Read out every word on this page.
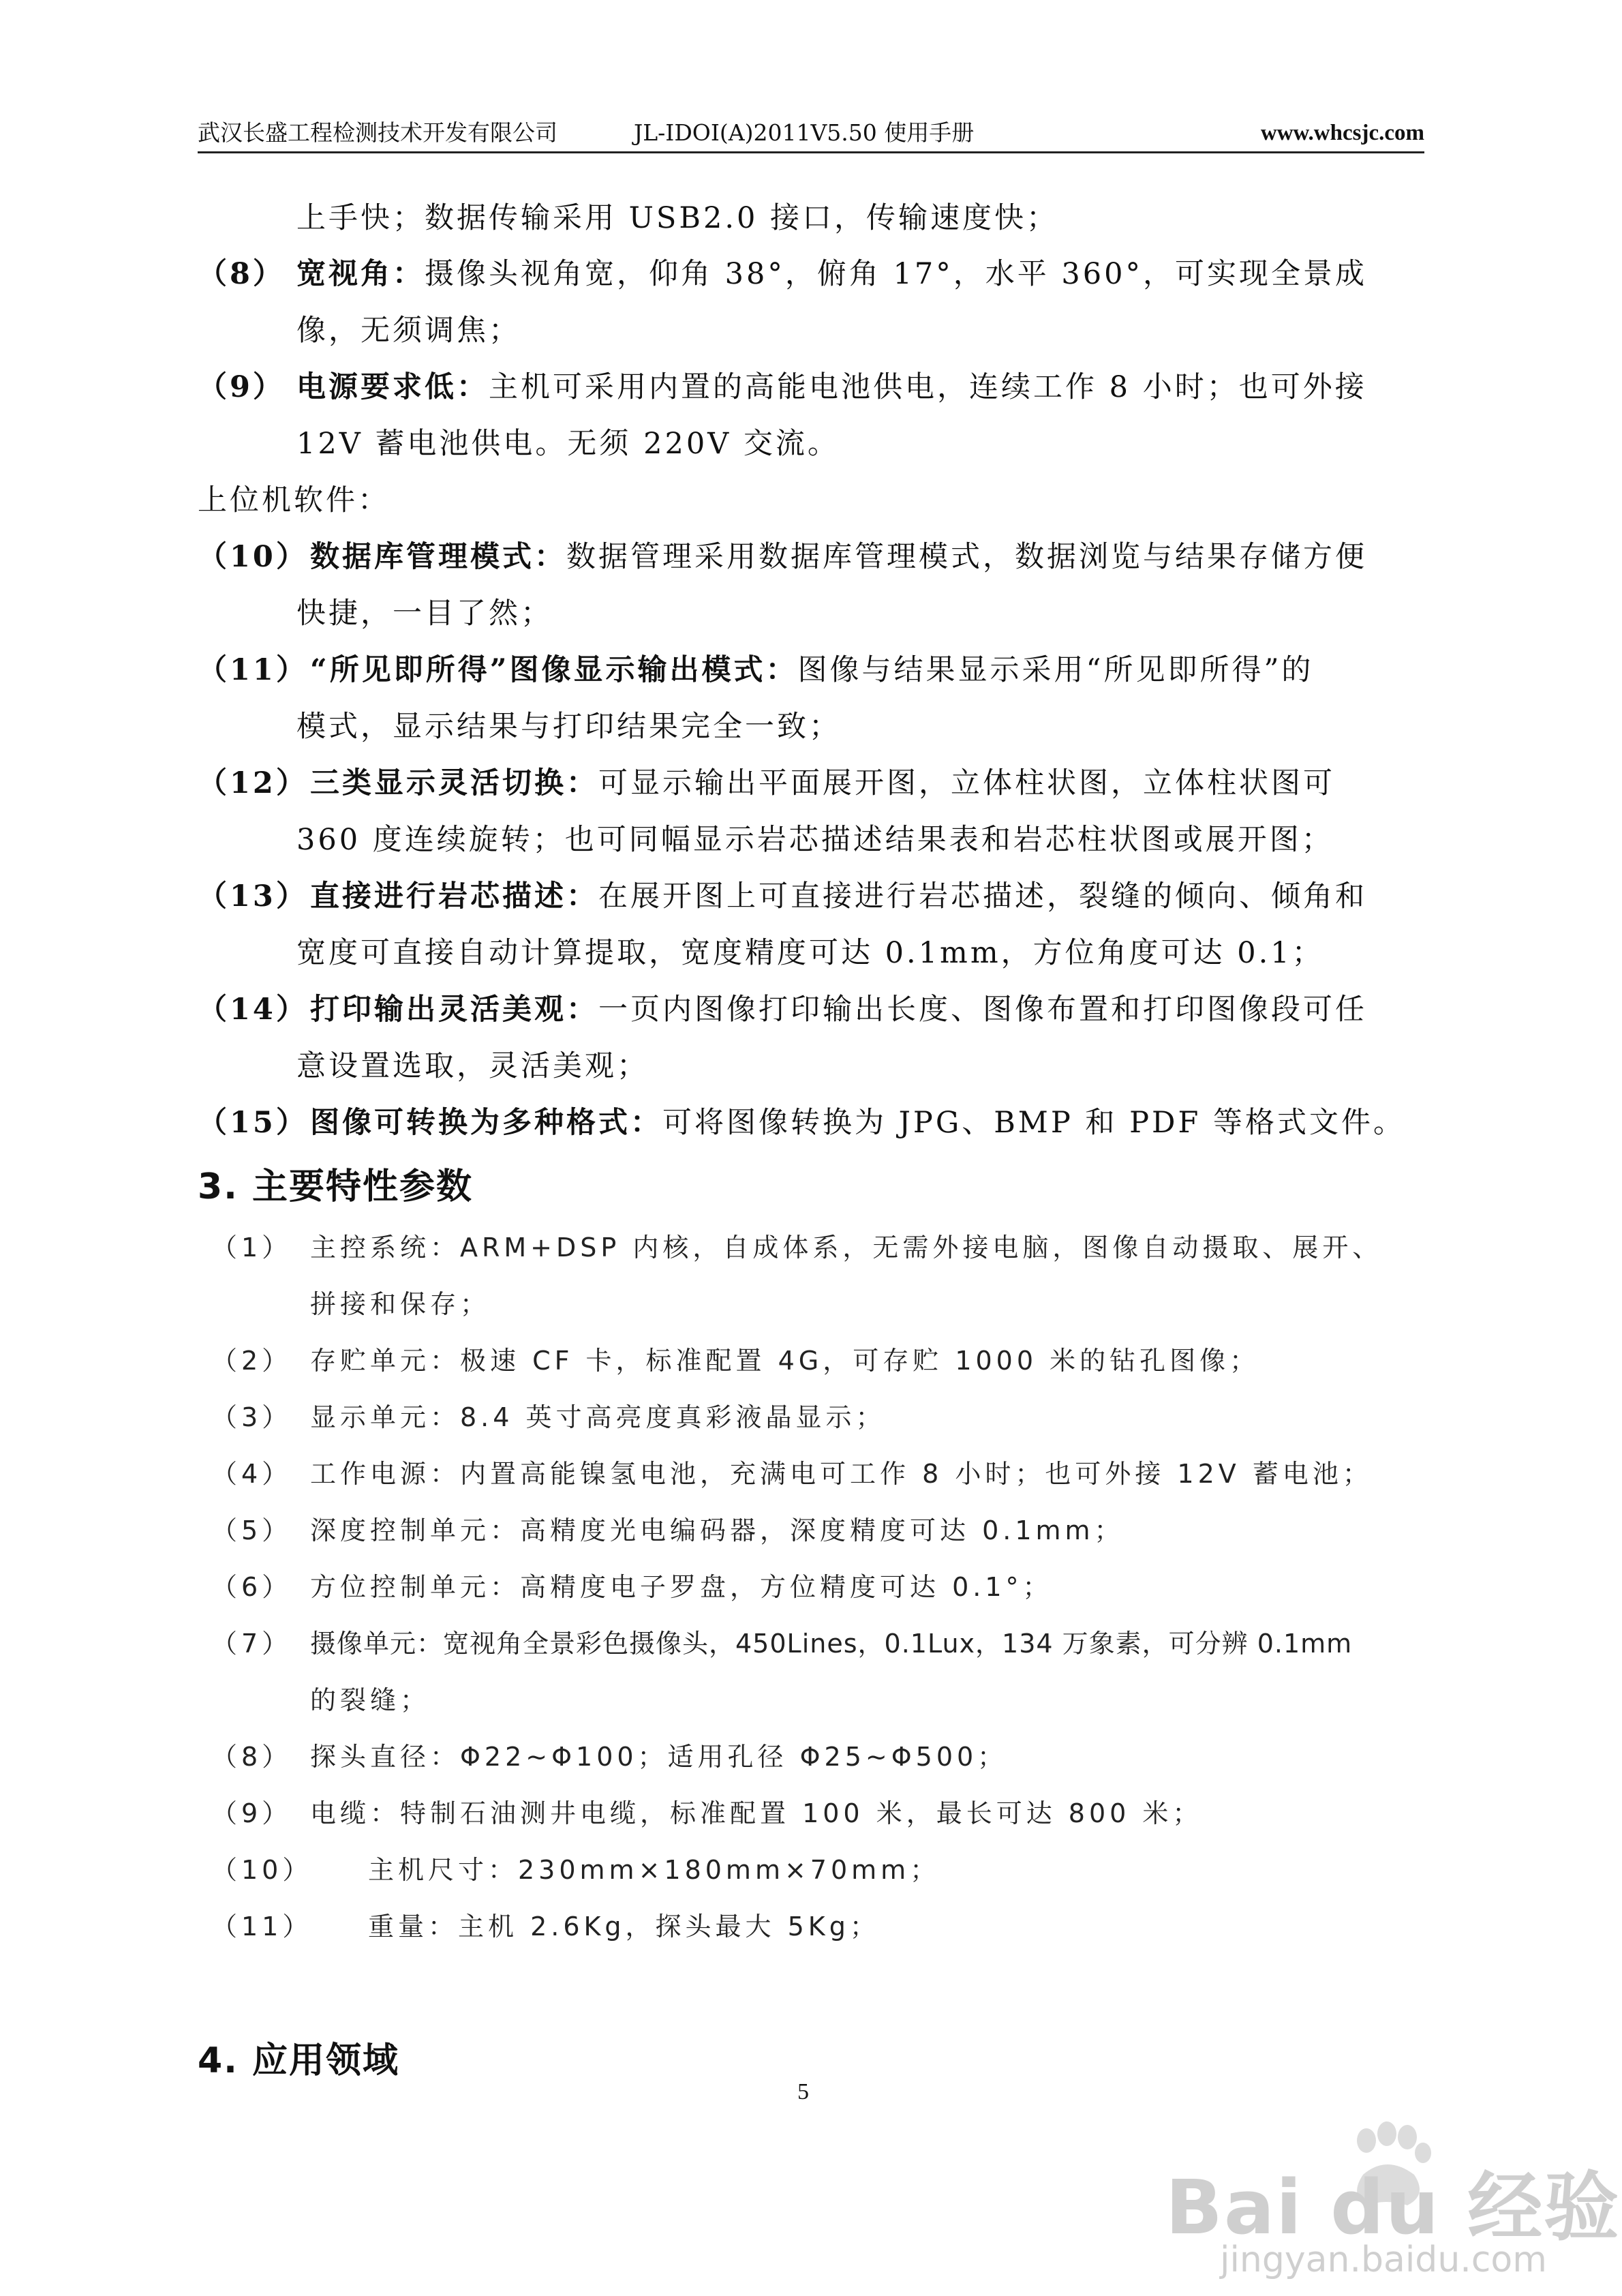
武汉长盛工程检测技术开发有限公司	JL-IDOI(A)2011V5.50 使用手册	www.whcsjc.com
上手快；数据传输采用 USB2.0 接口，传输速度快；
（8） 宽视角：摄像头视角宽，仰角 38°，俯角 17°，水平 360°，可实现全景成
像，无须调焦；
（9） 电源要求低：主机可采用内置的高能电池供电，连续工作 8 小时；也可外接
12V 蓄电池供电。无须 220V 交流。
上位机软件：
（10） 数据库管理模式：数据管理采用数据库管理模式，数据浏览与结果存储方便
快捷，一目了然；
（11） “所见即所得”图像显示输出模式：图像与结果显示采用“所见即所得”的
模式，显示结果与打印结果完全一致；
（12） 三类显示灵活切换：可显示输出平面展开图，立体柱状图，立体柱状图可
360 度连续旋转；也可同幅显示岩芯描述结果表和岩芯柱状图或展开图；
（13） 直接进行岩芯描述：在展开图上可直接进行岩芯描述，裂缝的倾向、倾角和
宽度可直接自动计算提取，宽度精度可达 0.1mm，方位角度可达 0.1；
（14） 打印输出灵活美观：一页内图像打印输出长度、图像布置和打印图像段可任
意设置选取，灵活美观；
（15） 图像可转换为多种格式：可将图像转换为 JPG、BMP 和 PDF 等格式文件。
3. 主要特性参数
（1） 主控系统：ARM+DSP 内核，自成体系，无需外接电脑，图像自动摄取、展开、
拼接和保存；
（2） 存贮单元：极速 CF 卡，标准配置 4G，可存贮 1000 米的钻孔图像；
（3） 显示单元：8.4 英寸高亮度真彩液晶显示；
（4） 工作电源：内置高能镍氢电池，充满电可工作 8 小时；也可外接 12V 蓄电池；
（5） 深度控制单元：高精度光电编码器，深度精度可达 0.1mm；
（6） 方位控制单元：高精度电子罗盘，方位精度可达 0.1°；
（7） 摄像单元：宽视角全景彩色摄像头，450Lines，0.1Lux，134 万象素，可分辨 0.1mm
的裂缝；
（8） 探头直径：Φ22~Φ100；适用孔径 Φ25~Φ500；
（9） 电缆：特制石油测井电缆，标准配置 100 米，最长可达 800 米；
（10） 主机尺寸：230mm×180mm×70mm；
（11） 重量：主机 2.6Kg，探头最大 5Kg；
4. 应用领域
5
Bai du 经验
jingyan.baidu.com
